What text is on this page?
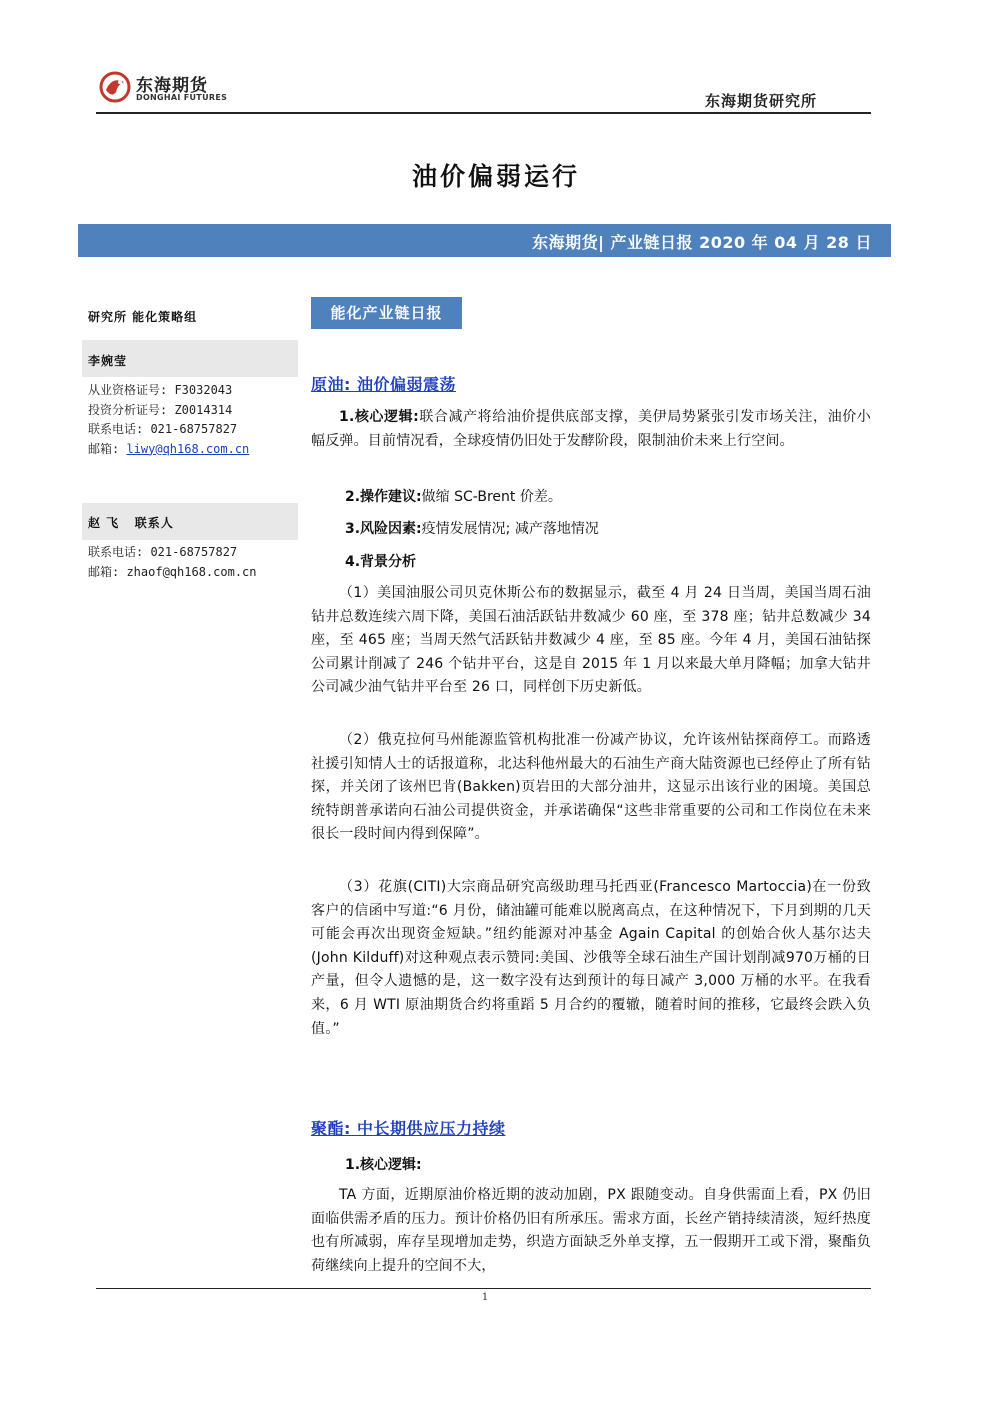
东海期货
DONGHAI FUTURES	东海期货研究所
油价偏弱运行
东海期货| 产业链日报 2020 年 04 月 28 日
研究所 能化策略组
李婉莹
从业资格证号: F3032043
投资分析证号: Z0014314
联系电话: 021-68757827
邮箱: liwy@qh168.com.cn
赵 飞   联系人
联系电话: 021-68757827
邮箱: zhaof@qh168.com.cn
能化产业链日报
原油: 油价偏弱震荡

1.核心逻辑:联合减产将给油价提供底部支撑，美伊局势紧张引发市场关注，油价小幅反弹。目前情况看，全球疫情仍旧处于发酵阶段，限制油价未来上行空间。

2.操作建议:做缩 SC-Brent 价差。
3.风险因素:疫情发展情况; 减产落地情况
4.背景分析

（1）美国油服公司贝克休斯公布的数据显示，截至 4 月 24 日当周，美国当周石油钻井总数连续六周下降，美国石油活跃钻井数减少 60 座，至 378 座；钻井总数减少 34 座，至 465 座；当周天然气活跃钻井数减少 4 座，至 85 座。今年 4 月，美国石油钻探公司累计削减了 246 个钻井平台，这是自 2015 年 1 月以来最大单月降幅；加拿大钻井公司减少油气钻井平台至 26 口，同样创下历史新低。

（2）俄克拉何马州能源监管机构批准一份减产协议，允许该州钻探商停工。而路透社援引知情人士的话报道称，北达科他州最大的石油生产商大陆资源也已经停止了所有钻探，并关闭了该州巴肯(Bakken)页岩田的大部分油井，这显示出该行业的困境。美国总统特朗普承诺向石油公司提供资金，并承诺确保“这些非常重要的公司和工作岗位在未来很长一段时间内得到保障”。

（3）花旗(CITI)大宗商品研究高级助理马托西亚(Francesco Martoccia)在一份致客户的信函中写道:“6 月份，储油罐可能难以脱离高点，在这种情况下，下月到期的几天可能会再次出现资金短缺。”纽约能源对冲基金 Again Capital 的创始合伙人基尔达夫(John Kilduff)对这种观点表示赞同:美国、沙俄等全球石油生产国计划削减970万桶的日产量，但令人遗憾的是，这一数字没有达到预计的每日减产 3,000 万桶的水平。在我看来，6 月 WTI 原油期货合约将重蹈 5 月合约的覆辙，随着时间的推移，它最终会跌入负值。”

聚酯: 中长期供应压力持续
1.核心逻辑:

TA 方面，近期原油价格近期的波动加剧，PX 跟随变动。自身供需面上看，PX 仍旧面临供需矛盾的压力。预计价格仍旧有所承压。需求方面，长丝产销持续清淡，短纤热度也有所减弱，库存呈现增加走势，织造方面缺乏外单支撑，五一假期开工或下滑，聚酯负荷继续向上提升的空间不大，

1
